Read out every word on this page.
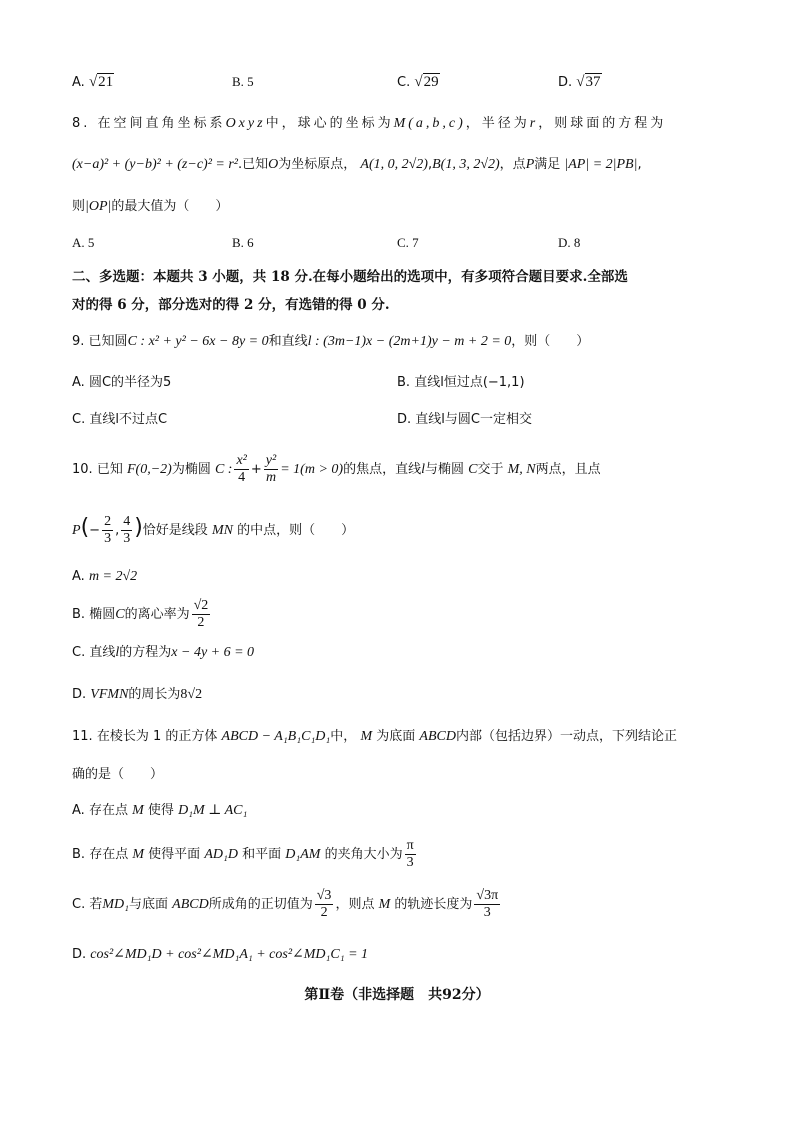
A. √21	B. 5	C. √29	D. √37
8. 在空间直角坐标系Oxyz中，球心的坐标为M(a,b,c)，半径为r，则球面的方程为
(x−a)² + (y−b)² + (z−c)² = r².已知O为坐标原点， A(1, 0, 2√2),B(1, 3, 2√2)，点P满足 |AP| = 2|PB|,
则|OP|的最大值为（　　）
A. 5	B. 6	C. 7	D. 8
二、多选题：本题共 3 小题，共 18 分.在每小题给出的选项中，有多项符合题目要求.全部选
对的得 6 分，部分选对的得 2 分，有选错的得 0 分.
9. 已知圆C : x² + y² − 6x − 8y = 0和直线l : (3m−1)x − (2m+1)y − m + 2 = 0，则（　　）
A. 圆C的半径为5	B. 直线l恒过点(−1,1)
C. 直线l不过点C	D. 直线l与圆C一定相交
10. 已知 F(0,−2)为椭圆 C : $\frac{\text{x²}}{4} + \frac{\text{y²}}{m} = 1(m > 0)$的焦点，直线l与椭圆 C交于 M, N两点，且点
$P(- \frac{2}{3}$ , $\frac{4}{3}$ )恰好是线段 MN 的中点，则（　　）
A. m = 2√2
B. 椭圆C的离心率为 $\frac{√2}{2}$
C. 直线l的方程为x − 4y + 6 = 0
D. VFMN的周长为8√2
11. 在棱长为 1 的正方体 ABCD − A₁B₁C₁D₁中， M 为底面 ABCD内部（包括边界）一动点，下列结论正
确的是（　　）
A. 存在点 M 使得 D₁M ⊥ AC₁
B. 存在点 M 使得平面 AD₁D 和平面 D₁AM 的夹角大小为 $\frac{\pi}{3}$
C. 若MD₁与底面 ABCD所成角的正切值为 $\frac{√3}{2}$ ，则点 M 的轨迹长度为 $\frac{√3\pi}{3}$
D. cos²∠MD₁D + cos²∠MD₁A₁ + cos²∠MD₁C₁ = 1
第Ⅱ卷（非选择题　共92分）
